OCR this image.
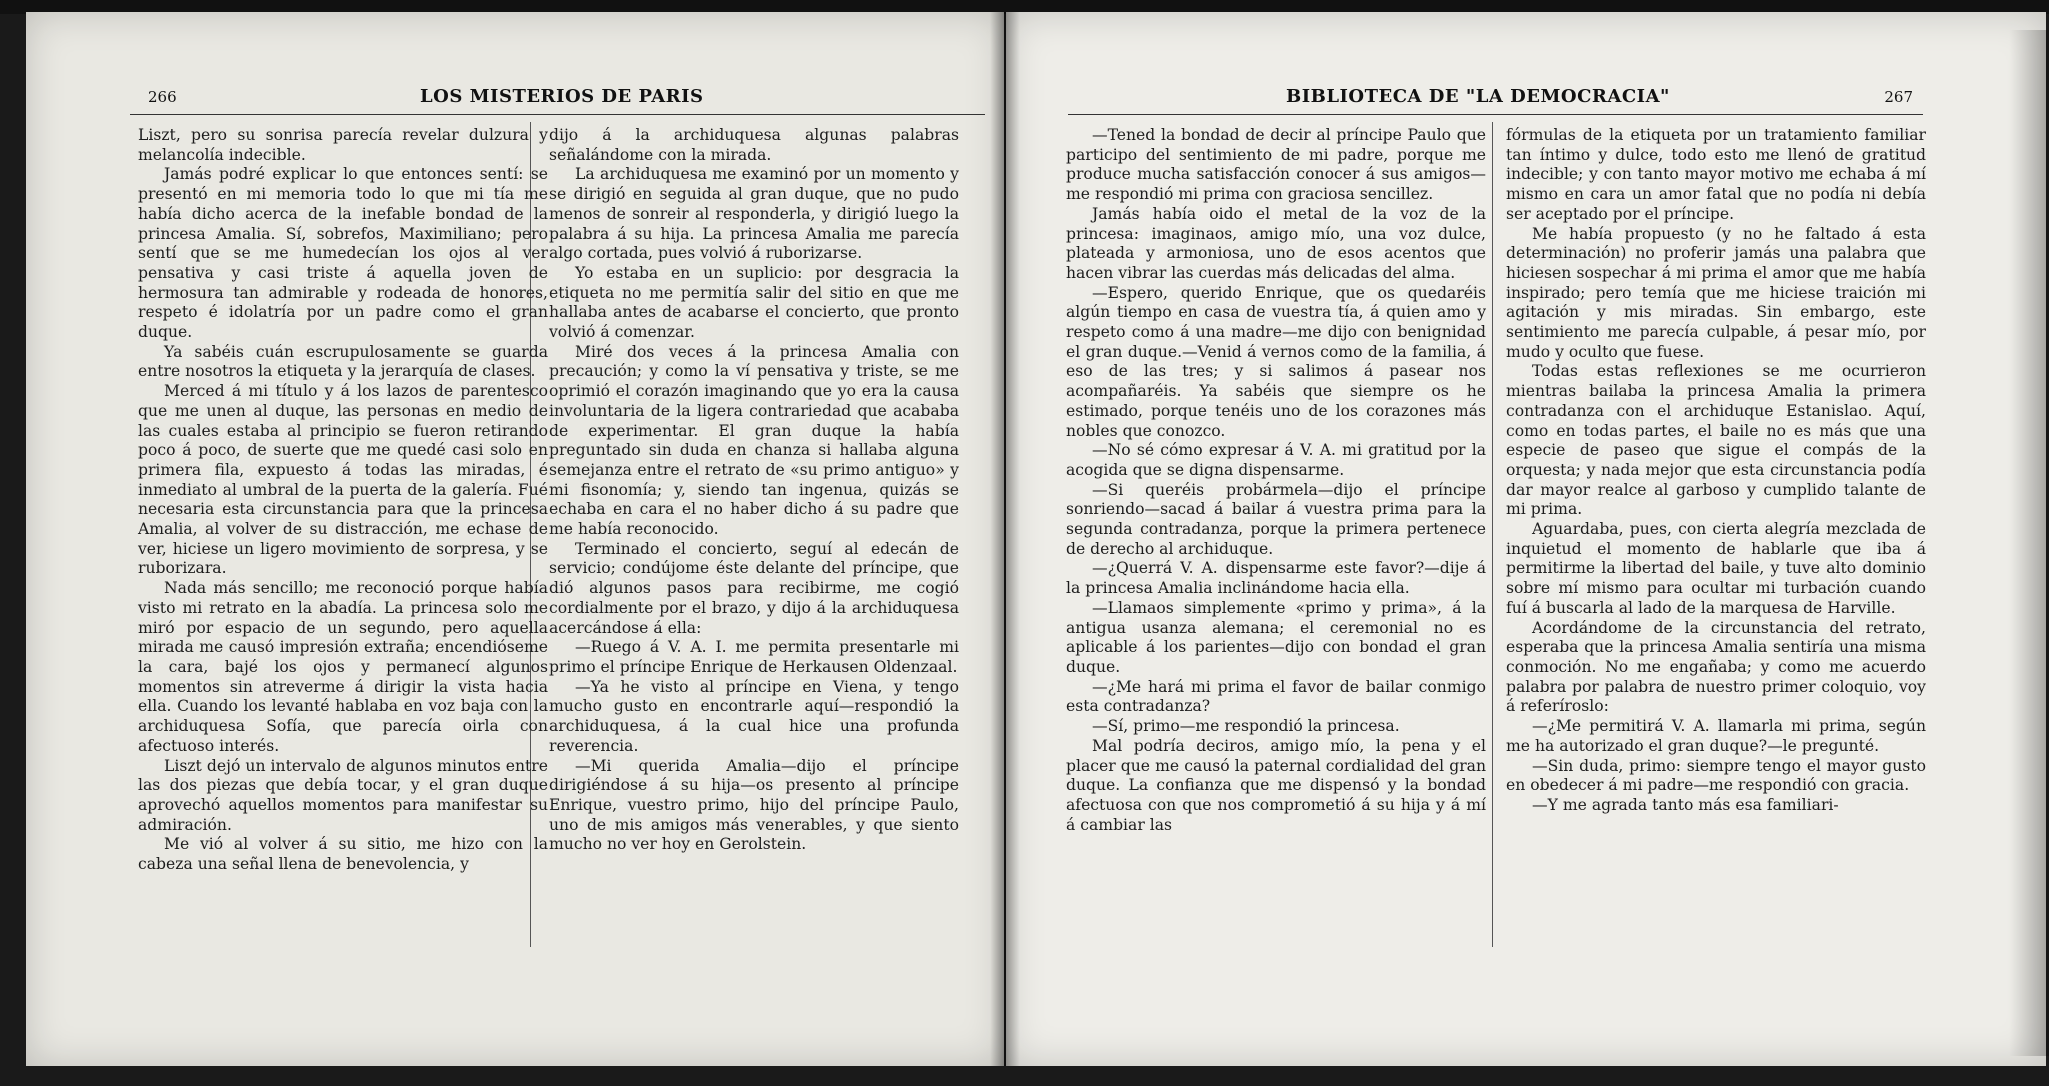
266	LOS MISTERIOS DE PARIS	BIBLIOTECA DE "LA DEMOCRACIA"	267

Liszt, pero su sonrisa parecía revelar dulzura y melancolía indecible.

Jamás podré explicar lo que entonces sentí: se presentó en mi memoria todo lo que mi tía me había dicho acerca de la inefable bondad de la princesa Amalia. Sí, sobrefos, Maximiliano; pero sentí que se me humedecían los ojos al ver pensativa y casi triste á aquella joven de hermosura tan admirable y rodeada de honores, respeto é idolatría por un padre como el gran duque.

Ya sabéis cuán escrupulosamente se guarda entre nosotros la etiqueta y la jerarquía de clases.

Merced á mi título y á los lazos de parentesco que me unen al duque, las personas en medio de las cuales estaba al principio se fueron retirando poco á poco, de suerte que me quedé casi solo en primera fila, expuesto á todas las miradas, é inmediato al umbral de la puerta de la galería. Fué necesaria esta circunstancia para que la princesa Amalia, al volver de su distracción, me echase de ver, hiciese un ligero movimiento de sorpresa, y se ruborizara.

Nada más sencillo; me reconoció porque había visto mi retrato en la abadía. La princesa solo me miró por espacio de un segundo, pero aquella mirada me causó impresión extraña; encendióseme la cara, bajé los ojos y permanecí algunos momentos sin atreverme á dirigir la vista hacia ella. Cuando los levanté hablaba en voz baja con la archiduquesa Sofía, que parecía oirla con afectuoso interés.

Liszt dejó un intervalo de algunos minutos entre las dos piezas que debía tocar, y el gran duque aprovechó aquellos momentos para manifestar su admiración.

Me vió al volver á su sitio, me hizo con la cabeza una señal llena de benevolencia, y

dijo á la archiduquesa algunas palabras señalándome con la mirada.

La archiduquesa me examinó por un momento y se dirigió en seguida al gran duque, que no pudo menos de sonreir al responderla, y dirigió luego la palabra á su hija. La princesa Amalia me parecía algo cortada, pues volvió á ruborizarse.

Yo estaba en un suplicio: por desgracia la etiqueta no me permitía salir del sitio en que me hallaba antes de acabarse el concierto, que pronto volvió á comenzar.

Miré dos veces á la princesa Amalia con precaución; y como la ví pensativa y triste, se me oprimió el corazón imaginando que yo era la causa involuntaria de la ligera contrariedad que acababa de experimentar. El gran duque la había preguntado sin duda en chanza si hallaba alguna semejanza entre el retrato de «su primo antiguo» y mi fisonomía; y, siendo tan ingenua, quizás se echaba en cara el no haber dicho á su padre que me había reconocido.

Terminado el concierto, seguí al edecán de servicio; condújome éste delante del príncipe, que dió algunos pasos para recibirme, me cogió cordialmente por el brazo, y dijo á la archiduquesa acercándose á ella:

—Ruego á V. A. I. me permita presentarle mi primo el príncipe Enrique de Herkausen Oldenzaal.

—Ya he visto al príncipe en Viena, y tengo mucho gusto en encontrarle aquí—respondió la archiduquesa, á la cual hice una profunda reverencia.

—Mi querida Amalia—dijo el príncipe dirigiéndose á su hija—os presento al príncipe Enrique, vuestro primo, hijo del príncipe Paulo, uno de mis amigos más venerables, y que siento mucho no ver hoy en Gerolstein.

—Tened la bondad de decir al príncipe Paulo que participo del sentimiento de mi padre, porque me produce mucha satisfacción conocer á sus amigos—me respondió mi prima con graciosa sencillez.

Jamás había oido el metal de la voz de la princesa: imaginaos, amigo mío, una voz dulce, plateada y armoniosa, uno de esos acentos que hacen vibrar las cuerdas más delicadas del alma.

—Espero, querido Enrique, que os quedaréis algún tiempo en casa de vuestra tía, á quien amo y respeto como á una madre—me dijo con benignidad el gran duque.—Venid á vernos como de la familia, á eso de las tres; y si salimos á pasear nos acompañaréis. Ya sabéis que siempre os he estimado, porque tenéis uno de los corazones más nobles que conozco.

—No sé cómo expresar á V. A. mi gratitud por la acogida que se digna dispensarme.

—Si queréis probármela—dijo el príncipe sonriendo—sacad á bailar á vuestra prima para la segunda contradanza, porque la primera pertenece de derecho al archiduque.

—¿Querrá V. A. dispensarme este favor?—dije á la princesa Amalia inclinándome hacia ella.

—Llamaos simplemente «primo y prima», á la antigua usanza alemana; el ceremonial no es aplicable á los parientes—dijo con bondad el gran duque.

—¿Me hará mi prima el favor de bailar conmigo esta contradanza?

—Sí, primo—me respondió la princesa.

Mal podría deciros, amigo mío, la pena y el placer que me causó la paternal cordialidad del gran duque. La confianza que me dispensó y la bondad afectuosa con que nos comprometió á su hija y á mí á cambiar las

fórmulas de la etiqueta por un tratamiento familiar tan íntimo y dulce, todo esto me llenó de gratitud indecible; y con tanto mayor motivo me echaba á mí mismo en cara un amor fatal que no podía ni debía ser aceptado por el príncipe.

Me había propuesto (y no he faltado á esta determinación) no proferir jamás una palabra que hiciesen sospechar á mi prima el amor que me había inspirado; pero temía que me hiciese traición mi agitación y mis miradas. Sin embargo, este sentimiento me parecía culpable, á pesar mío, por mudo y oculto que fuese.

Todas estas reflexiones se me ocurrieron mientras bailaba la princesa Amalia la primera contradanza con el archiduque Estanislao. Aquí, como en todas partes, el baile no es más que una especie de paseo que sigue el compás de la orquesta; y nada mejor que esta circunstancia podía dar mayor realce al garboso y cumplido talante de mi prima.

Aguardaba, pues, con cierta alegría mezclada de inquietud el momento de hablarle que iba á permitirme la libertad del baile, y tuve alto dominio sobre mí mismo para ocultar mi turbación cuando fuí á buscarla al lado de la marquesa de Harville.

Acordándome de la circunstancia del retrato, esperaba que la princesa Amalia sentiría una misma conmoción. No me engañaba; y como me acuerdo palabra por palabra de nuestro primer coloquio, voy á referíroslo:

—¿Me permitirá V. A. llamarla mi prima, según me ha autorizado el gran duque?—le pregunté.

—Sin duda, primo: siempre tengo el mayor gusto en obedecer á mi padre—me respondió con gracia.

—Y me agrada tanto más esa familiari-
